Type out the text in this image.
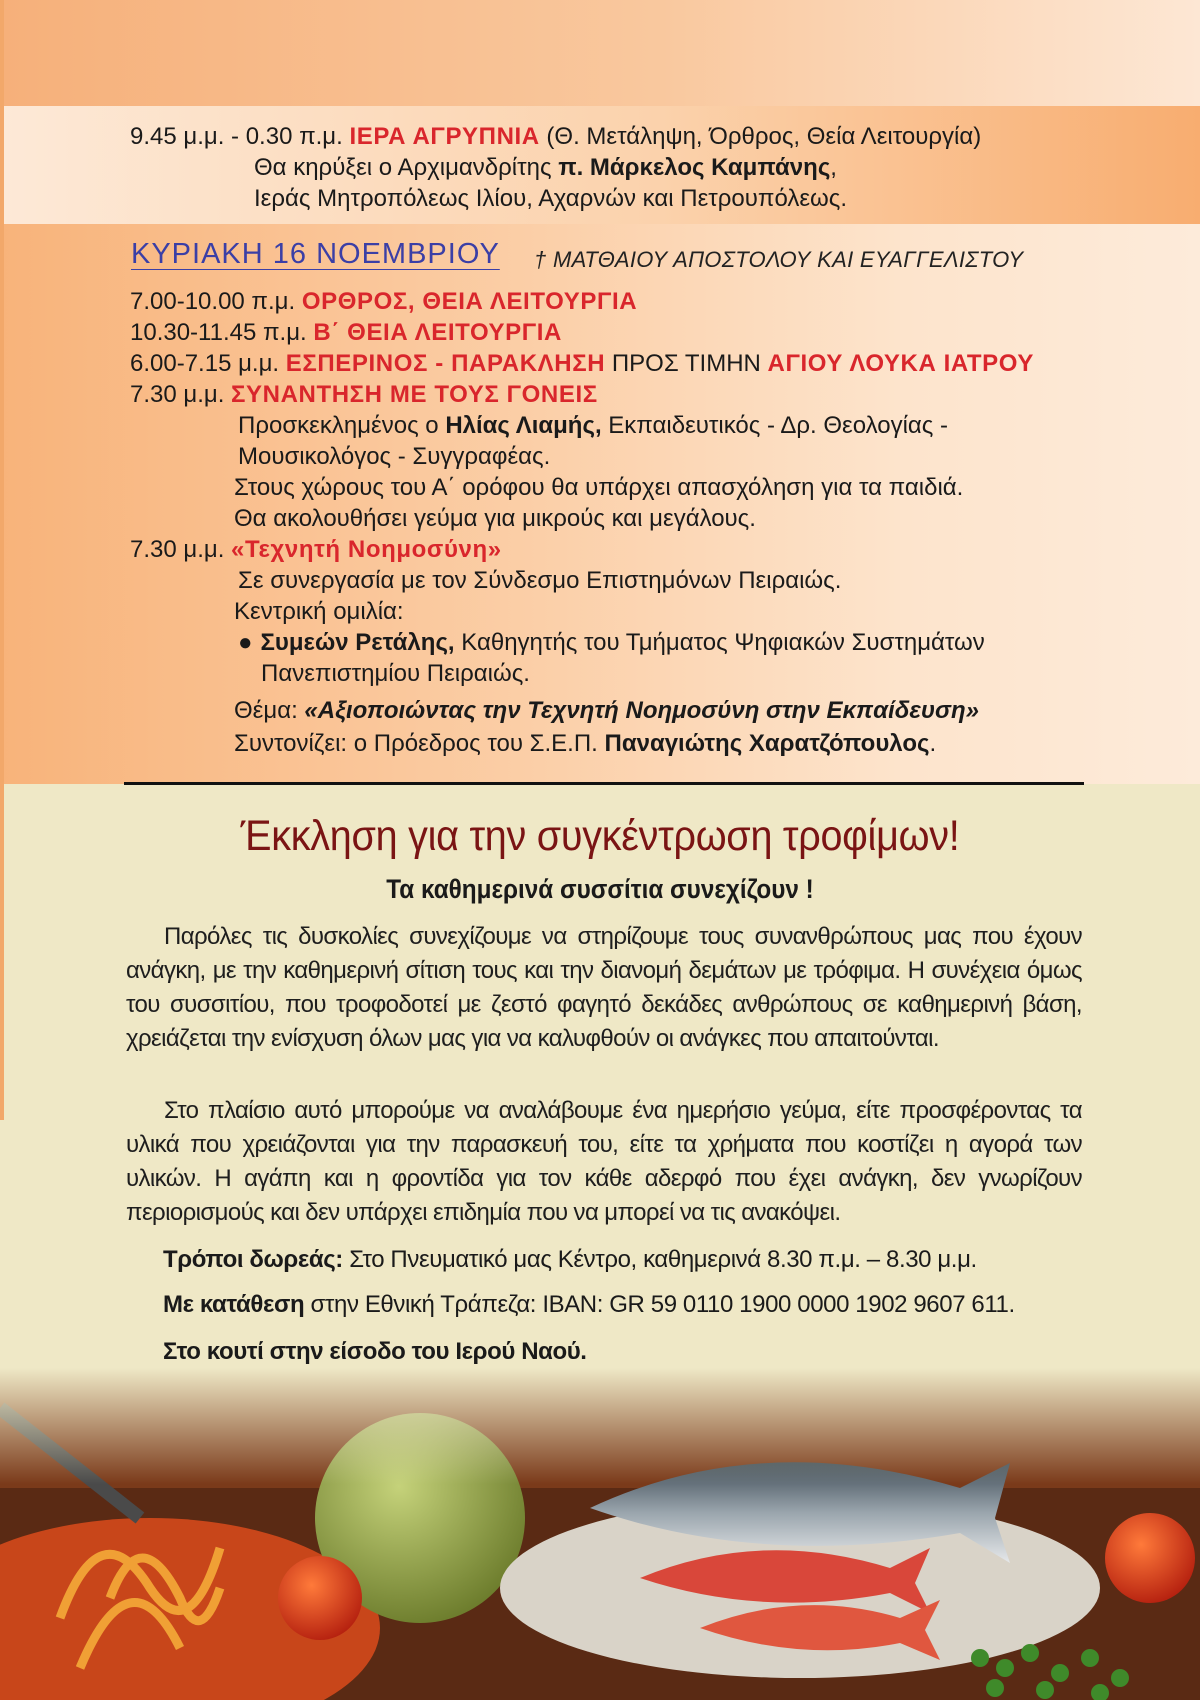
9.45 μ.μ. - 0.30 π.μ. ΙΕΡΑ ΑΓΡΥΠΝΙΑ (Θ. Μετάληψη, Όρθρος, Θεία Λειτουργία)
Θα κηρύξει ο Αρχιμανδρίτης π. Μάρκελος Καμπάνης,
Ιεράς Μητροπόλεως Ιλίου, Αχαρνών και Πετρουπόλεως.
ΚΥΡΙΑΚΗ 16 ΝΟΕΜΒΡΙΟΥ † ΜΑΤΘΑΙΟΥ ΑΠΟΣΤΟΛΟΥ ΚΑΙ ΕΥΑΓΓΕΛΙΣΤΟΥ
7.00-10.00 π.μ. ΟΡΘΡΟΣ, ΘΕΙΑ ΛΕΙΤΟΥΡΓΙΑ
10.30-11.45 π.μ. Β΄ ΘΕΙΑ ΛΕΙΤΟΥΡΓΙΑ
6.00-7.15 μ.μ. ΕΣΠΕΡΙΝΟΣ - ΠΑΡΑΚΛΗΣΗ ΠΡΟΣ ΤΙΜΗΝ ΑΓΙΟΥ ΛΟΥΚΑ ΙΑΤΡΟΥ
7.30 μ.μ. ΣΥΝΑΝΤΗΣΗ ΜΕ ΤΟΥΣ ΓΟΝΕΙΣ
Προσκεκλημένος ο Ηλίας Λιαμής, Εκπαιδευτικός - Δρ. Θεολογίας -
Μουσικολόγος - Συγγραφέας.
Στους χώρους του Α΄ ορόφου θα υπάρχει απασχόληση για τα παιδιά.
Θα ακολουθήσει γεύμα για μικρούς και μεγάλους.
7.30 μ.μ. «Τεχνητή Νοημοσύνη»
Σε συνεργασία με τον Σύνδεσμο Επιστημόνων Πειραιώς.
Κεντρική ομιλία:
● Συμεών Ρετάλης, Καθηγητής του Τμήματος Ψηφιακών Συστημάτων
Πανεπιστημίου Πειραιώς.
Θέμα: «Αξιοποιώντας την Τεχνητή Νοημοσύνη στην Εκπαίδευση»
Συντονίζει: ο Πρόεδρος του Σ.Ε.Π. Παναγιώτης Χαρατζόπουλος.
Έκκληση για την συγκέντρωση τροφίμων!
Τα καθημερινά συσσίτια συνεχίζουν !

Παρόλες τις δυσκολίες συνεχίζουμε να στηρίζουμε τους συνανθρώπους μας που έχουν ανάγκη, με την καθημερινή σίτιση τους και την διανομή δεμάτων με τρόφιμα. Η συνέχεια όμως του συσσιτίου, που τροφοδοτεί με ζεστό φαγητό δεκάδες ανθρώπους σε καθημερινή βάση, χρειάζεται την ενίσχυση όλων μας για να καλυφθούν οι ανάγκες που απαιτούνται.

Στο πλαίσιο αυτό μπορούμε να αναλάβουμε ένα ημερήσιο γεύμα, είτε προσφέροντας τα υλικά που χρειάζονται για την παρασκευή του, είτε τα χρήματα που κοστίζει η αγορά των υλικών. Η αγάπη και η φροντίδα για τον κάθε αδερφό που έχει ανάγκη, δεν γνωρίζουν περιορισμούς και δεν υπάρχει επιδημία που να μπορεί να τις ανακόψει.

Τρόποι δωρεάς: Στο Πνευματικό μας Κέντρο, καθημερινά 8.30 π.μ. – 8.30 μ.μ.
Με κατάθεση στην Εθνική Τράπεζα: IBAN: GR 59 0110 1900 0000 1902 9607 611.
Στο κουτί στην είσοδο του Ιερού Ναού.
